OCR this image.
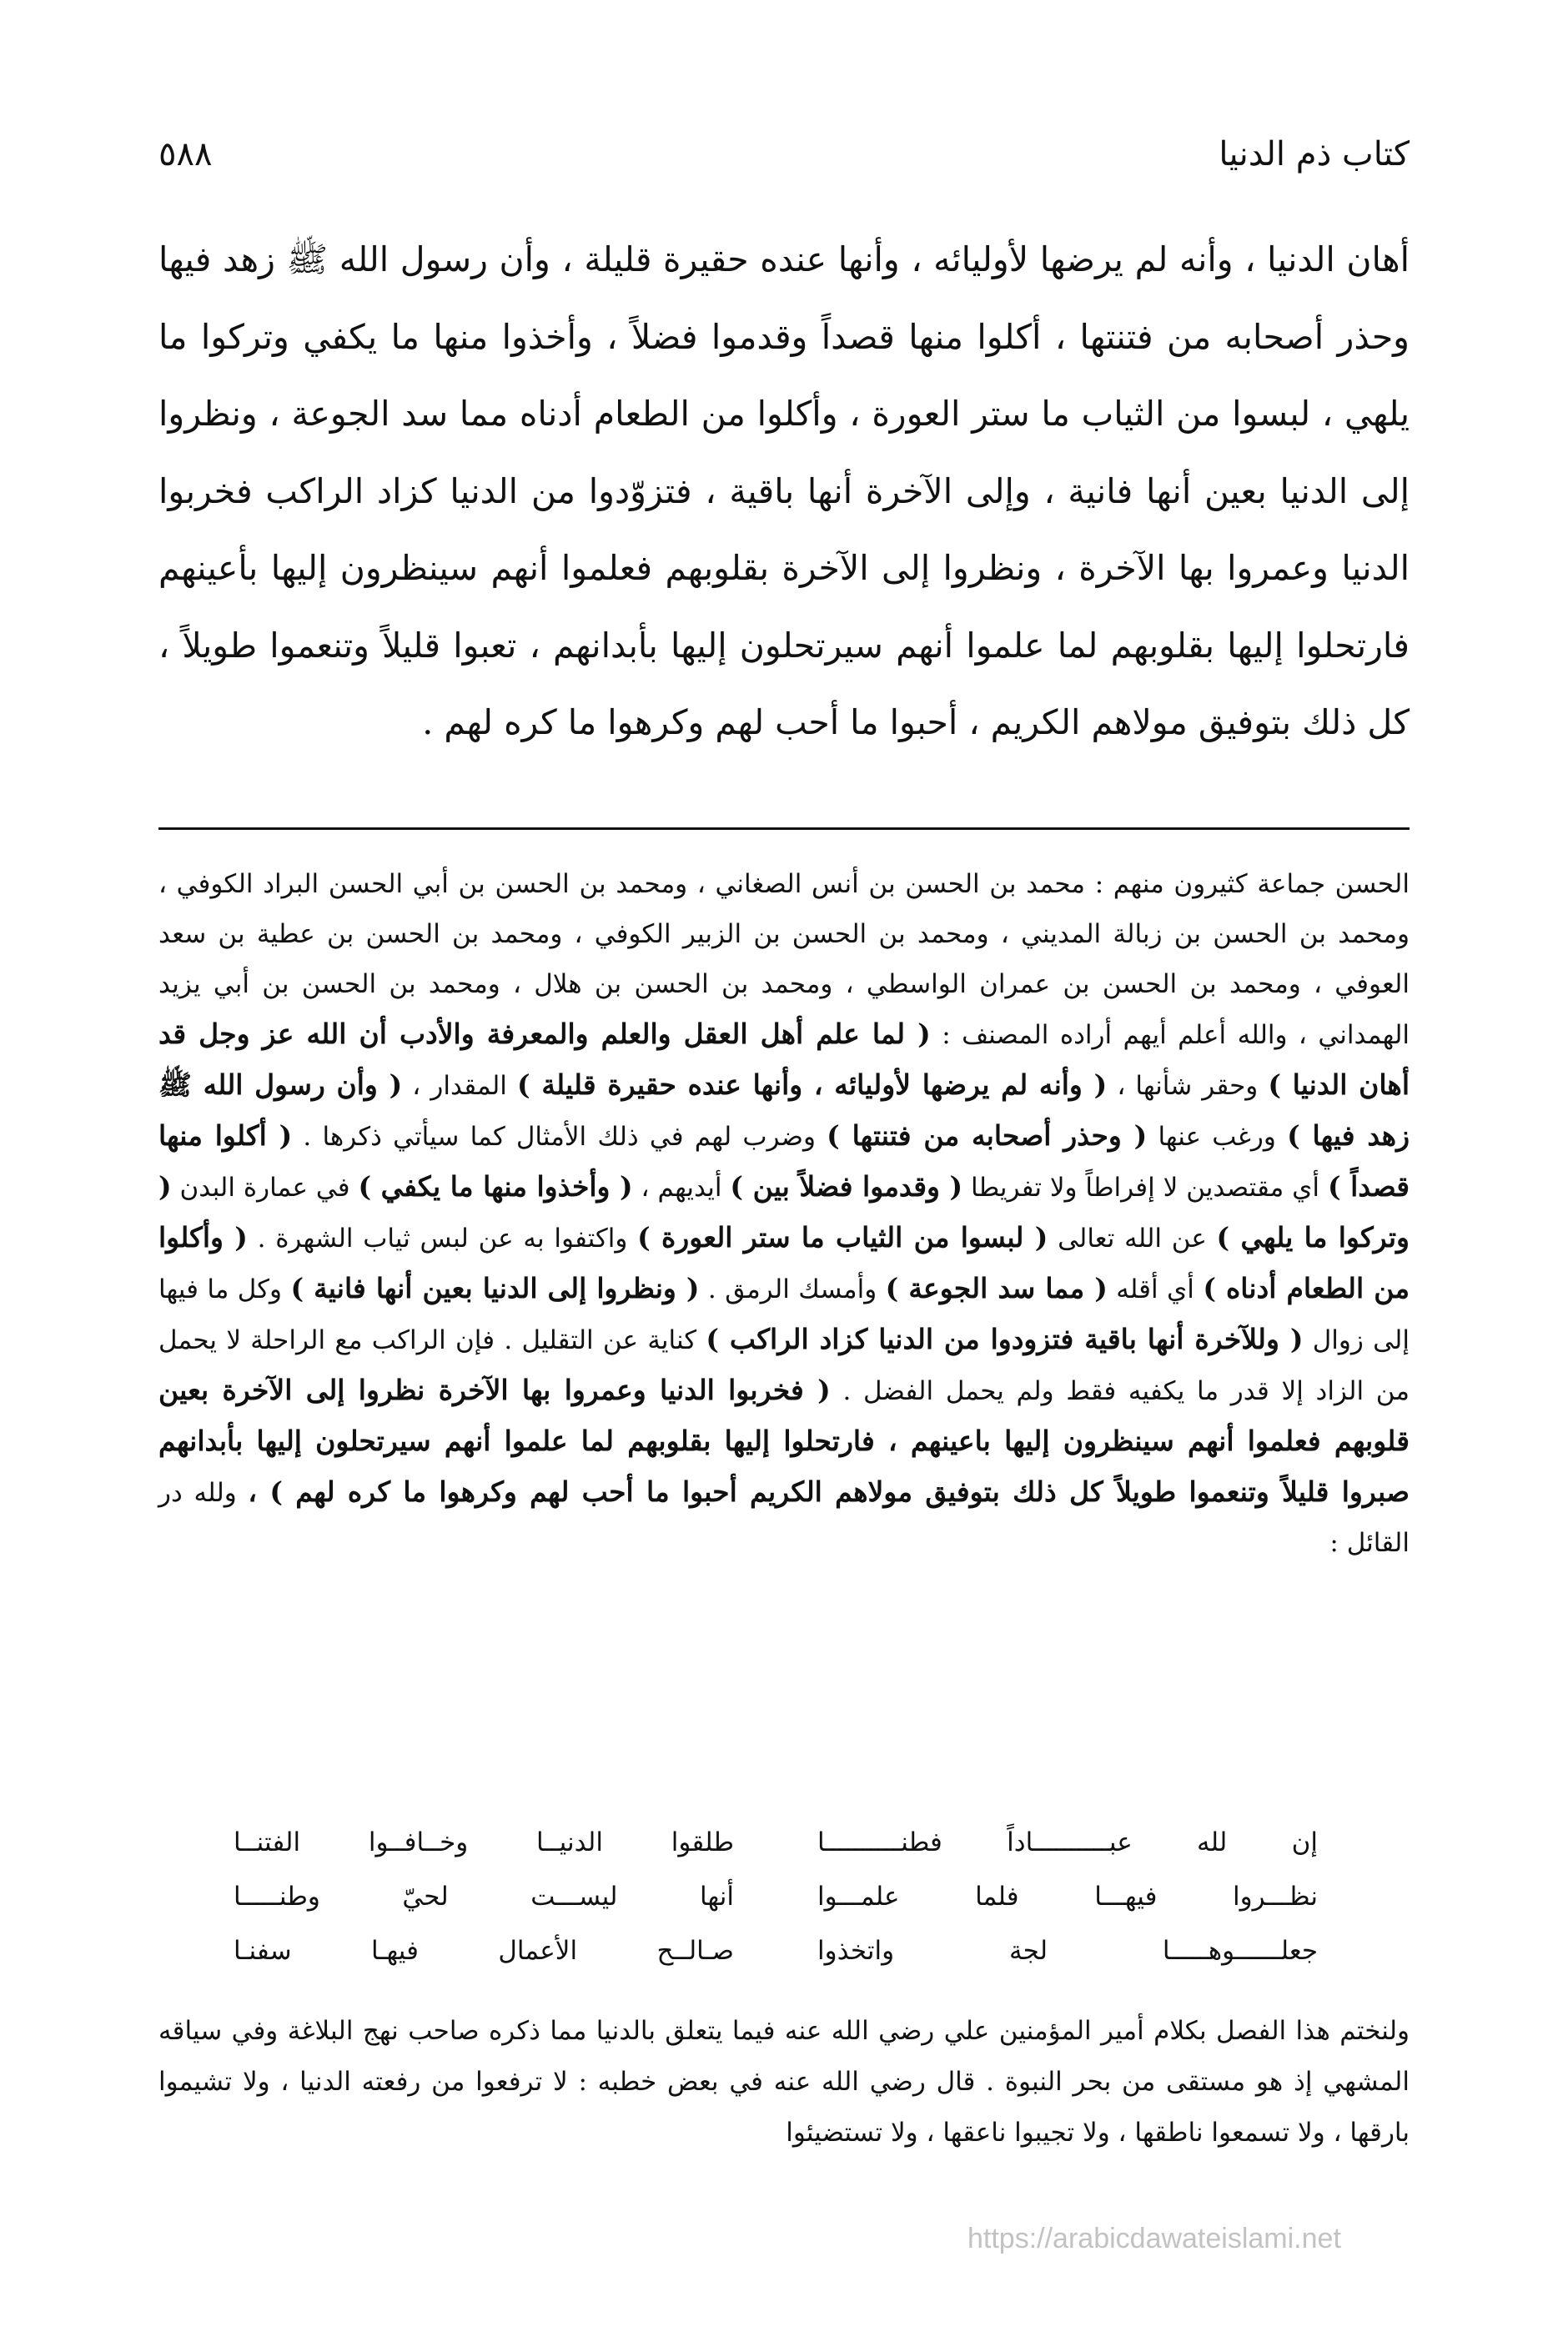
كتاب ذم الدنيا
٥٨٨

أهان الدنيا ، وأنه لم يرضها لأوليائه ، وأنها عنده حقيرة قليلة ، وأن رسول الله ﷺ زهد فيها وحذر أصحابه من فتنتها ، أكلوا منها قصداً وقدموا فضلاً ، وأخذوا منها ما يكفي وتركوا ما يلهي ، لبسوا من الثياب ما ستر العورة ، وأكلوا من الطعام أدناه مما سد الجوعة ، ونظروا إلى الدنيا بعين أنها فانية ، وإلى الآخرة أنها باقية ، فتزوّدوا من الدنيا كزاد الراكب فخربوا الدنيا وعمروا بها الآخرة ، ونظروا إلى الآخرة بقلوبهم فعلموا أنهم سينظرون إليها بأعينهم فارتحلوا إليها بقلوبهم لما علموا أنهم سيرتحلون إليها بأبدانهم ، تعبوا قليلاً وتنعموا طويلاً ، كل ذلك بتوفيق مولاهم الكريم ، أحبوا ما أحب لهم وكرهوا ما كره لهم .

الحسن جماعة كثيرون منهم : محمد بن الحسن بن أنس الصغاني ، ومحمد بن الحسن بن أبي الحسن البراد الكوفي ، ومحمد بن الحسن بن زبالة المديني ، ومحمد بن الحسن بن الزبير الكوفي ، ومحمد بن الحسن بن عطية بن سعد العوفي ، ومحمد بن الحسن بن عمران الواسطي ، ومحمد بن الحسن بن هلال ، ومحمد بن الحسن بن أبي يزيد الهمداني ، والله أعلم أيهم أراده المصنف : ( لما علم أهل العقل والعلم والمعرفة والأدب أن الله عز وجل قد أهان الدنيا ) وحقر شأنها ، ( وأنه لم يرضها لأوليائه ، وأنها عنده حقيرة قليلة ) المقدار ، ( وأن رسول الله ﷺ زهد فيها ) ورغب عنها ( وحذر أصحابه من فتنتها ) وضرب لهم في ذلك الأمثال كما سيأتي ذكرها . ( أكلوا منها قصداً ) أي مقتصدين لا إفراطاً ولا تفريطا ( وقدموا فضلاً بين ) أيديهم ، ( وأخذوا منها ما يكفي ) في عمارة البدن ( وتركوا ما يلهي ) عن الله تعالى ( لبسوا من الثياب ما ستر العورة ) واكتفوا به عن لبس ثياب الشهرة . ( وأكلوا من الطعام أدناه ) أي أقله ( مما سد الجوعة ) وأمسك الرمق . ( ونظروا إلى الدنيا بعين أنها فانية ) وكل ما فيها إلى زوال ( وللآخرة أنها باقية فتزودوا من الدنيا كزاد الراكب ) كناية عن التقليل . فإن الراكب مع الراحلة لا يحمل من الزاد إلا قدر ما يكفيه فقط ولم يحمل الفضل . ( فخربوا الدنيا وعمروا بها الآخرة نظروا إلى الآخرة بعين قلوبهم فعلموا أنهم سينظرون إليها باعينهم ، فارتحلوا إليها بقلوبهم لما علموا أنهم سيرتحلون إليها بأبدانهم صبروا قليلاً وتنعموا طويلاً كل ذلك بتوفيق مولاهم الكريم أحبوا ما أحب لهم وكرهوا ما كره لهم ) ، ولله در القائل :

إن لله عبــــــــــاداً فطنــــــــــا
طلقوا الدنيــا وخــافــوا الفتنــا
نظـــروا فيهـــا فلما علمـــوا
أنها ليســـت لحيّ وطنـــــا
جعلــــــوهـــــا لجة واتخذوا
صـالــح الأعمال فيهـا سفنـا

ولنختم هذا الفصل بكلام أمير المؤمنين علي رضي الله عنه فيما يتعلق بالدنيا مما ذكره صاحب نهج البلاغة وفي سياقه المشهي إذ هو مستقى من بحر النبوة . قال رضي الله عنه في بعض خطبه : لا ترفعوا من رفعته الدنيا ، ولا تشيموا بارقها ، ولا تسمعوا ناطقها ، ولا تجيبوا ناعقها ، ولا تستضيئوا

https://arabicdawateislami.net
